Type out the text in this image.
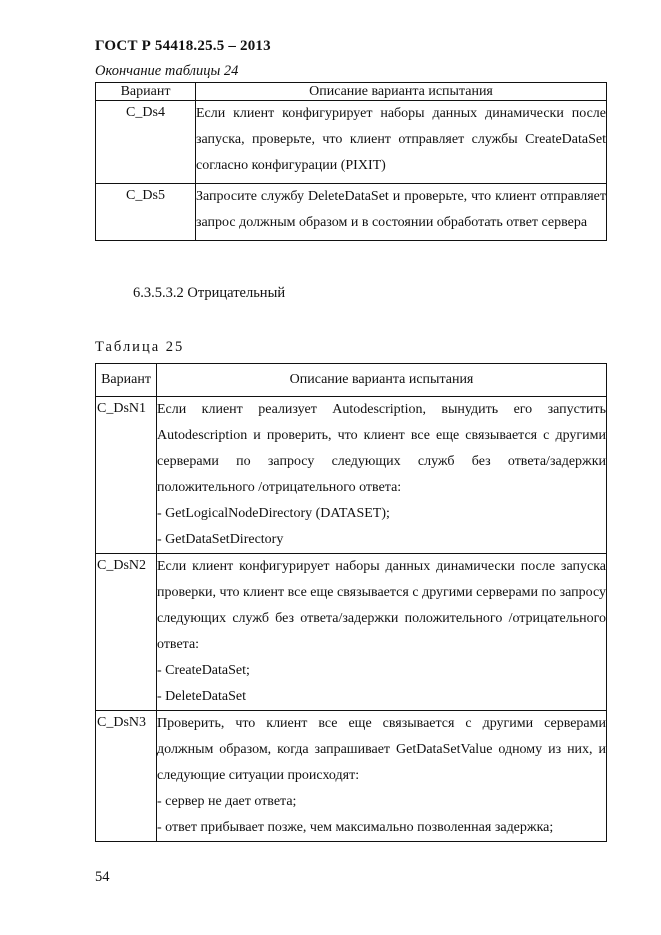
ГОСТ Р 54418.25.5 – 2013
Окончание таблицы 24
Вариант	Описание варианта испытания
C_Ds4	Если клиент конфигурирует наборы данных динамически после запуска, проверьте, что клиент отправляет службы CreateDataSet согласно конфигурации (PIXIT)

C_Ds5	Запросите службу DeleteDataSet и проверьте, что клиент отправляет запрос должным образом и в состоянии обработать ответ сервера

6.3.5.3.2 Отрицательный
Таблица 25
Вариант	Описание варианта испытания
C_DsN1	Если клиент реализует Autodescription, вынудить его запустить Autodescription и проверить, что клиент все еще связывается с другими серверами по запросу следующих служб без ответа/задержки положительного /отрицательного ответа:

- GetLogicalNodeDirectory (DATASET);

- GetDataSetDirectory

C_DsN2	Если клиент конфигурирует наборы данных динамически после запуска проверки, что клиент все еще связывается с другими серверами по запросу следующих служб без ответа/задержки положительного /отрицательного ответа:

- CreateDataSet;

- DeleteDataSet

C_DsN3	Проверить, что клиент все еще связывается с другими серверами должным образом, когда запрашивает GetDataSetValue одному из них, и следующие ситуации происходят:

- сервер не дает ответа;

- ответ прибывает позже, чем максимально позволенная задержка;

54
